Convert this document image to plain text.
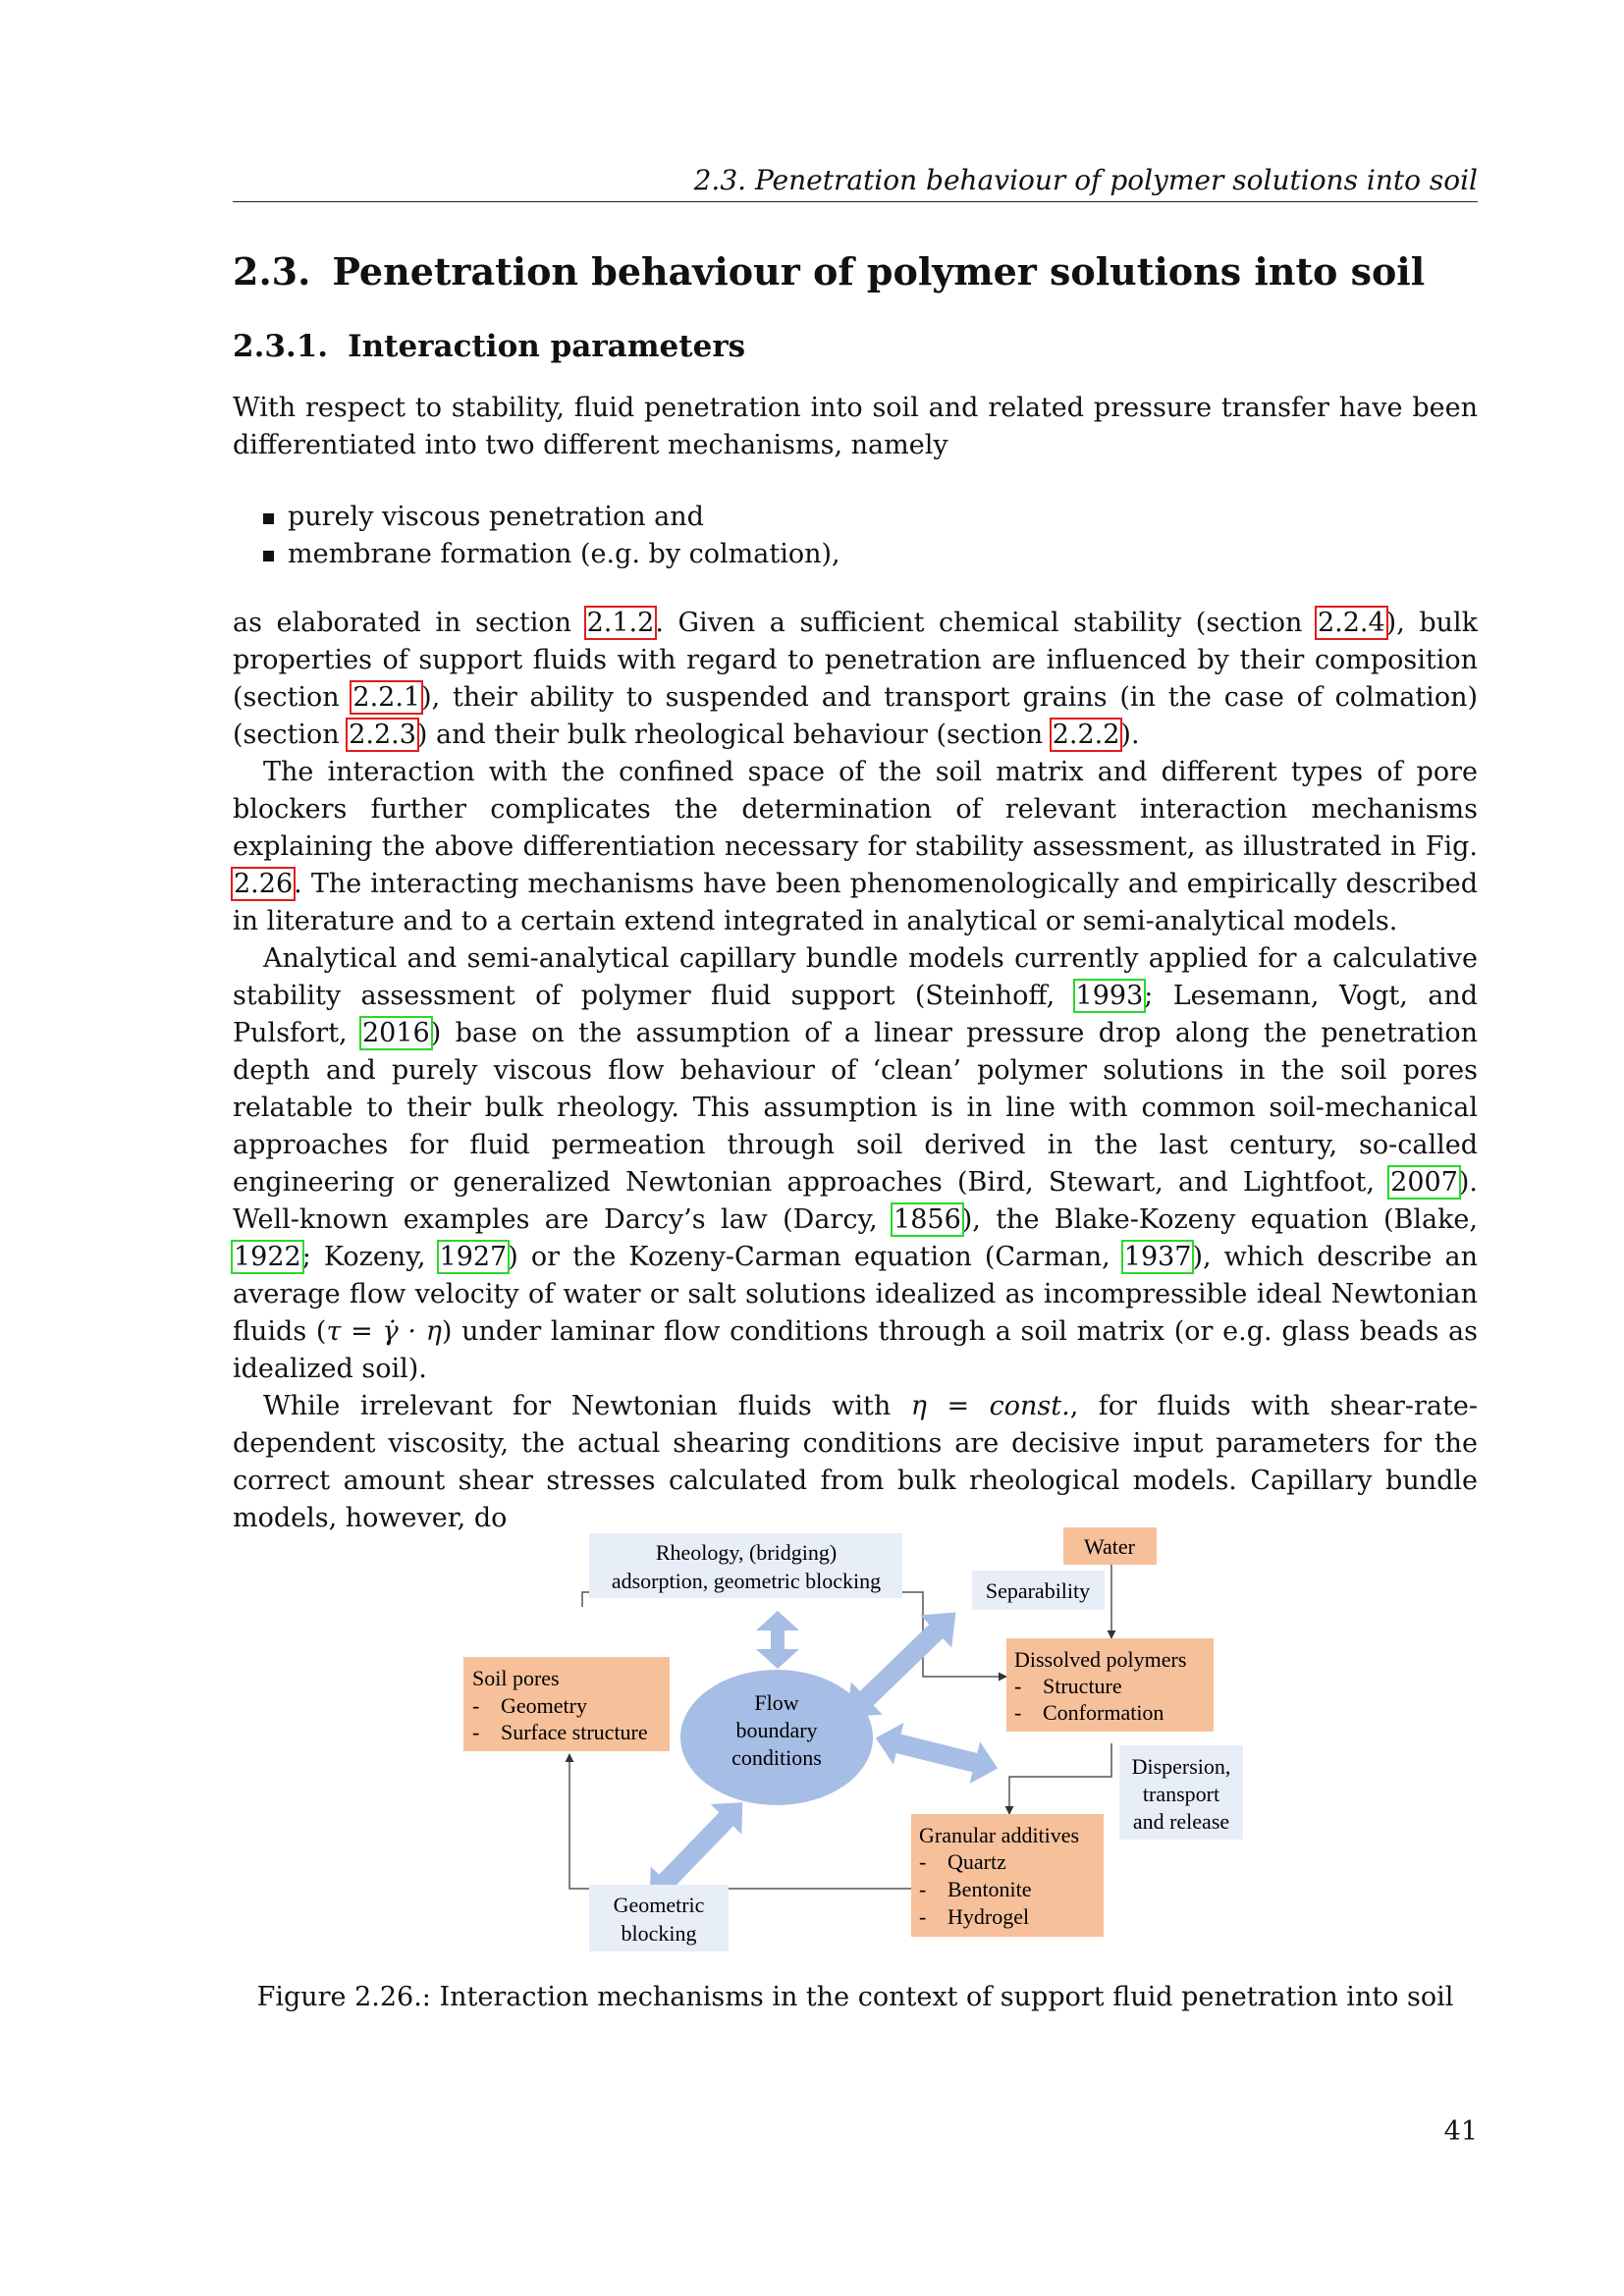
2.3. Penetration behaviour of polymer solutions into soil
2.3. Penetration behaviour of polymer solutions into soil
2.3.1. Interaction parameters

With respect to stability, fluid penetration into soil and related pressure transfer have been differentiated into two different mechanisms, namely

purely viscous penetration and
membrane formation (e.g. by colmation),

as elaborated in section 2.1.2. Given a sufficient chemical stability (section 2.2.4), bulk properties of support fluids with regard to penetration are influenced by their composition (section 2.2.1), their ability to suspended and transport grains (in the case of colmation) (section 2.2.3) and their bulk rheological behaviour (section 2.2.2).

The interaction with the confined space of the soil matrix and different types of pore blockers further complicates the determination of relevant interaction mechanisms explaining the above differentiation necessary for stability assessment, as illustrated in Fig. 2.26. The interacting mechanisms have been phenomenologically and empirically described in literature and to a certain extend integrated in analytical or semi-analytical models.

Analytical and semi-analytical capillary bundle models currently applied for a calculative stability assessment of polymer fluid support (Steinhoff, 1993; Lesemann, Vogt, and Pulsfort, 2016) base on the assumption of a linear pressure drop along the penetration depth and purely viscous flow behaviour of ‘clean’ polymer solutions in the soil pores relatable to their bulk rheology. This assumption is in line with common soil-mechanical approaches for fluid permeation through soil derived in the last century, so-called engineering or generalized Newtonian approaches (Bird, Stewart, and Lightfoot, 2007). Well-known examples are Darcy’s law (Darcy, 1856), the Blake-Kozeny equation (Blake, 1922; Kozeny, 1927) or the Kozeny-Carman equation (Carman, 1937), which describe an average flow velocity of water or salt solutions idealized as incompressible ideal Newtonian fluids (τ = γ̇ · η) under laminar flow conditions through a soil matrix (or e.g. glass beads as idealized soil).

While irrelevant for Newtonian fluids with η = const., for fluids with shear-rate-dependent viscosity, the actual shearing conditions are decisive input parameters for the correct amount shear stresses calculated from bulk rheological models. Capillary bundle models, however, do

Rheology, (bridging)
adsorption, geometric blocking
Water
Separability
Soil pores
- Geometry
- Surface structure
Flow
boundary
conditions
Dissolved polymers
- Structure
- Conformation
Dispersion,
transport
and release
Granular additives
- Quartz
- Bentonite
- Hydrogel
Geometric
blocking
Figure 2.26.: Interaction mechanisms in the context of support fluid penetration into soil
41
